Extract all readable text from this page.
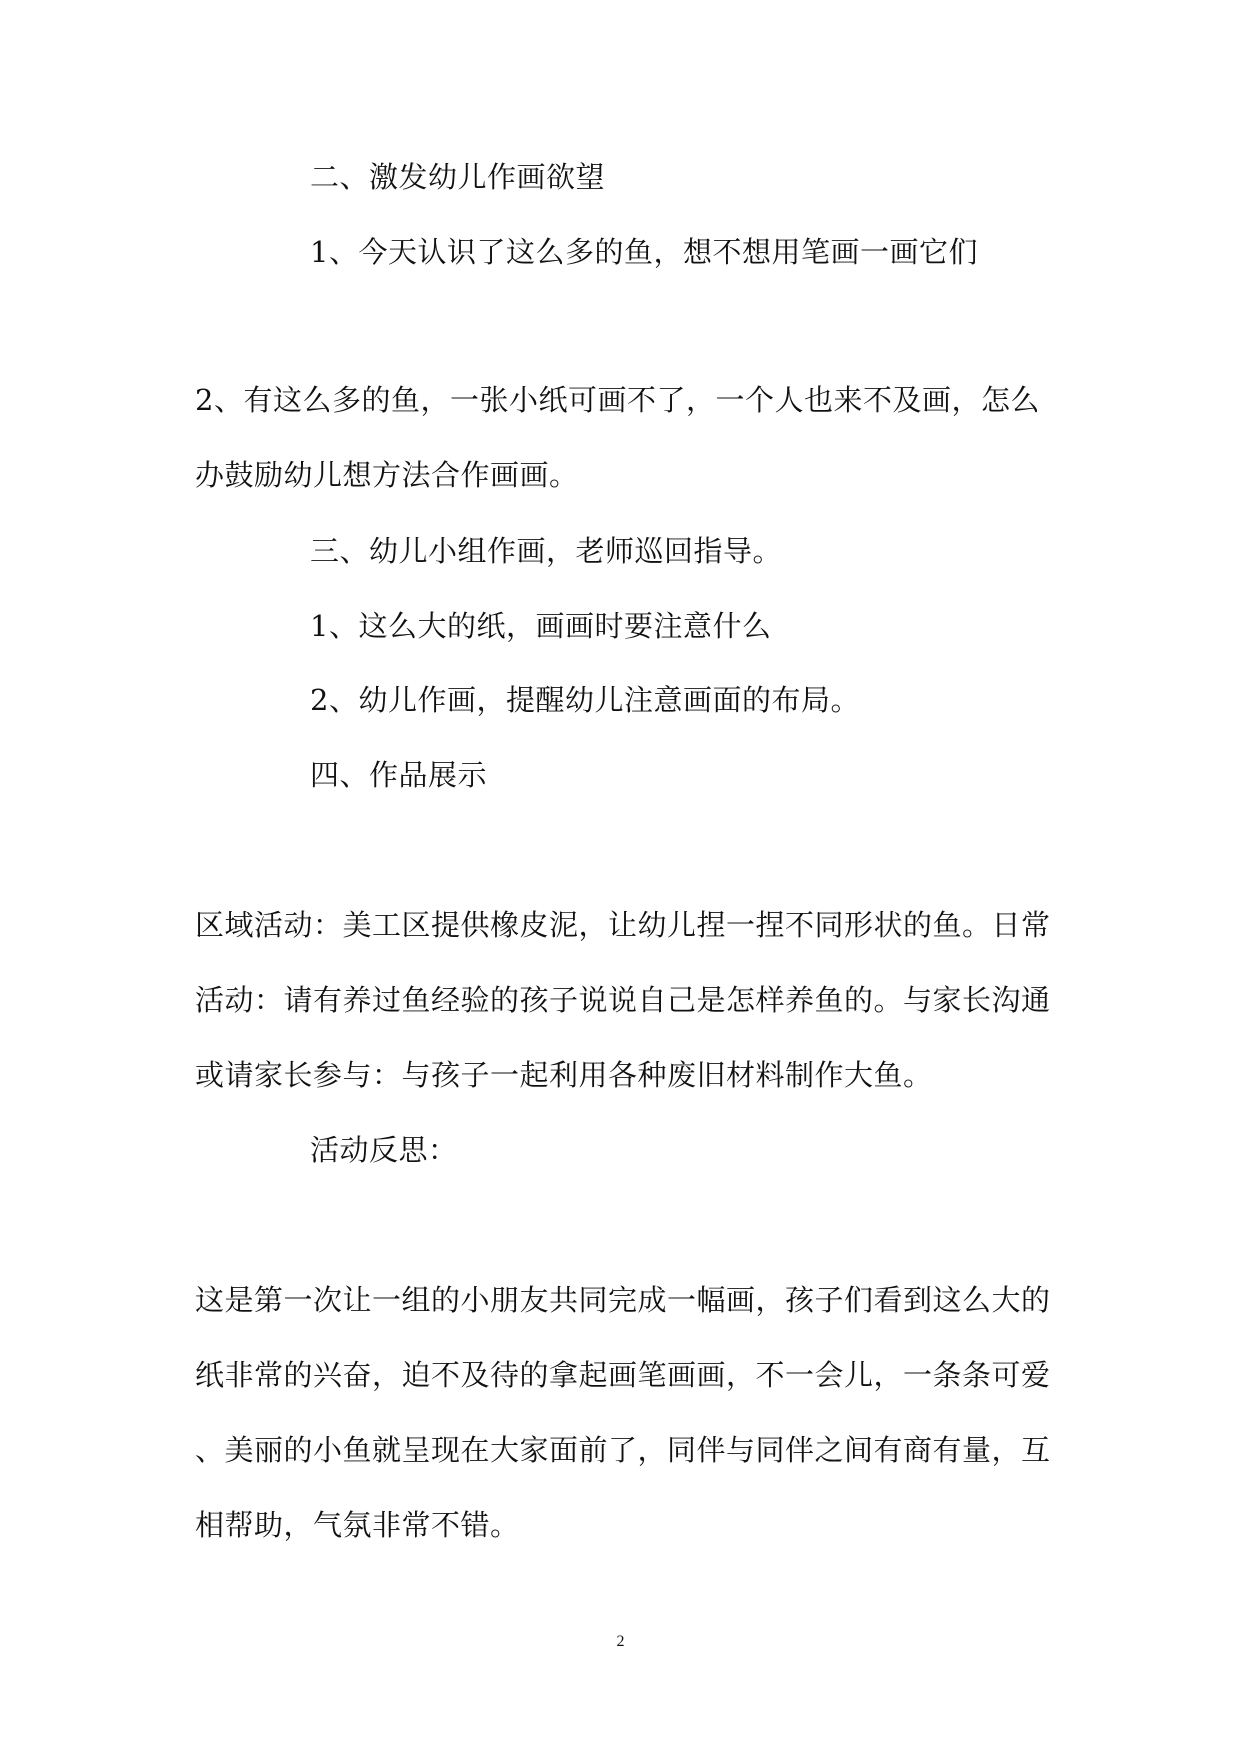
二、激发幼儿作画欲望
1、今天认识了这么多的鱼，想不想用笔画一画它们
2、有这么多的鱼，一张小纸可画不了，一个人也来不及画，怎么
办鼓励幼儿想方法合作画画。
三、幼儿小组作画，老师巡回指导。
1、这么大的纸，画画时要注意什么
2、幼儿作画，提醒幼儿注意画面的布局。
四、作品展示
区域活动：美工区提供橡皮泥，让幼儿捏一捏不同形状的鱼。日常
活动：请有养过鱼经验的孩子说说自己是怎样养鱼的。与家长沟通
或请家长参与：与孩子一起利用各种废旧材料制作大鱼。
活动反思：
这是第一次让一组的小朋友共同完成一幅画，孩子们看到这么大的
纸非常的兴奋，迫不及待的拿起画笔画画，不一会儿，一条条可爱
、美丽的小鱼就呈现在大家面前了，同伴与同伴之间有商有量，互
相帮助，气氛非常不错。
2
